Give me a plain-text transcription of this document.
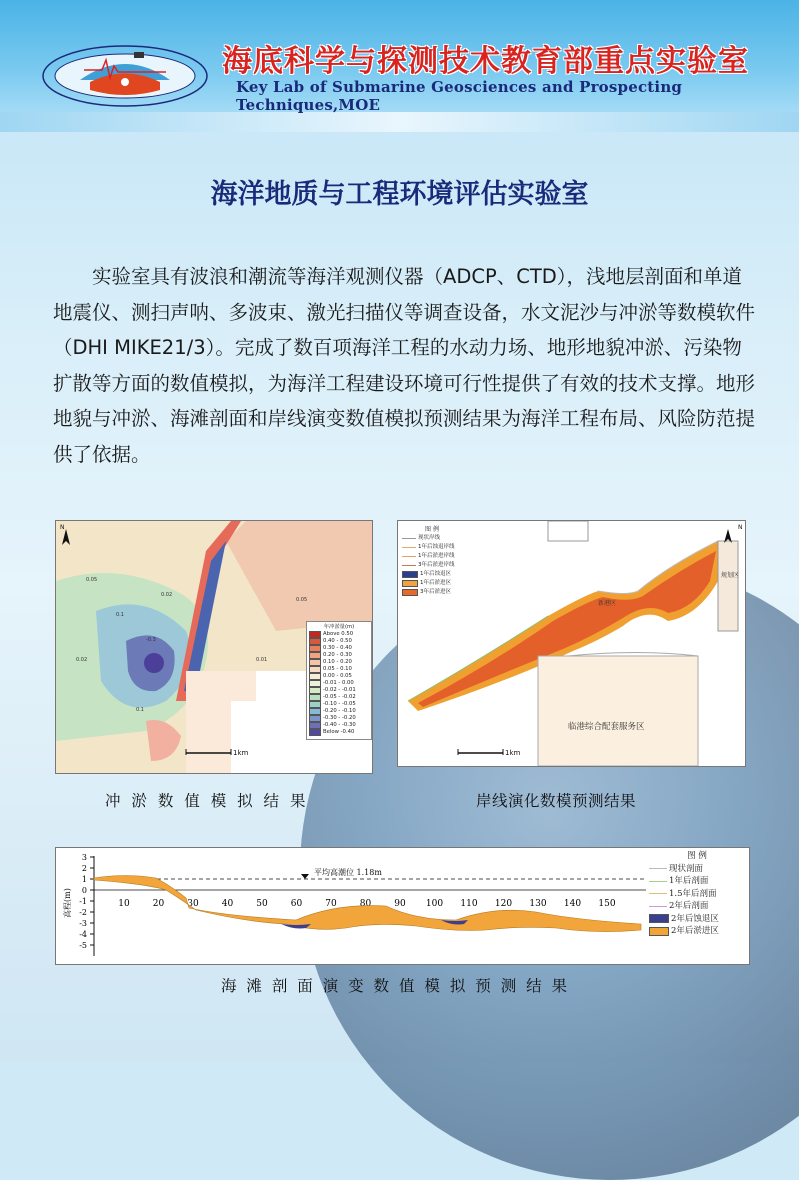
海底科学与探测技术教育部重点实验室
Key Lab of Submarine Geosciences and Prospecting Techniques,MOE
海洋地质与工程环境评估实验室
实验室具有波浪和潮流等海洋观测仪器（ADCP、CTD），浅地层剖面和单道地震仪、测扫声呐、多波束、激光扫描仪等调查设备，水文泥沙与冲淤等数模软件（DHI MIKE21/3）。完成了数百项海洋工程的水动力场、地形地貌冲淤、污染物扩散等方面的数值模拟，为海洋工程建设环境可行性提供了有效的技术支撑。地形地貌与冲淤、海滩剖面和岸线演变数值模拟预测结果为海洋工程布局、风险防范提供了依据。
0.05
0.1
-0.3
0.02
0.02
0.01
0.05
0.1
1km
N
年冲淤量(m)
Above 0.50
0.40 - 0.50
0.30 - 0.40
0.20 - 0.30
0.10 - 0.20
0.05 - 0.10
0.00 - 0.05
-0.01 - 0.00
-0.02 - -0.01
-0.05 - -0.02
-0.10 - -0.05
-0.20 - -0.10
-0.30 - -0.20
-0.40 - -0.30
Below -0.40
1km
临港综合配套服务区
新港区
规划区
N
图 例
现状岸线
1年后蚀退岸线
1年后淤进岸线
3年后淤进岸线
1年后蚀退区
1年后淤进区
3年后淤进区
冲 淤 数 值 模 拟 结 果	岸线演化数模预测结果
3
2
1
0
-1
-2
-3
-4
-5
10	20	30	40	50	60	70	80	90 100 110 120 130 140 150
平均高潮位 1.18m
高程(m)
图 例
现状剖面
1年后剖面
1.5年后剖面
2年后剖面
2年后蚀退区
2年后淤进区
海 滩 剖 面 演 变 数 值 模 拟 预 测 结 果
